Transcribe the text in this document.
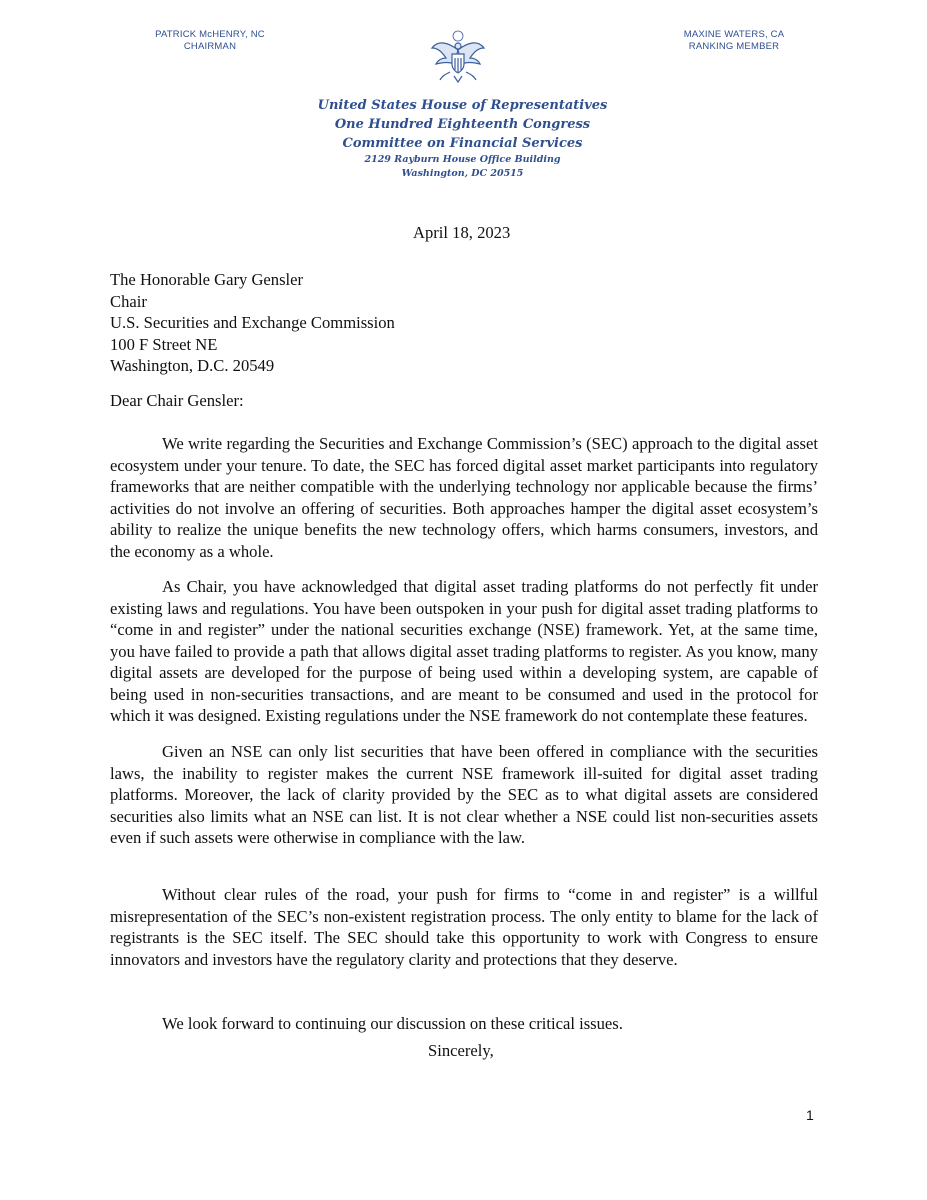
PATRICK McHENRY, NC
CHAIRMAN
MAXINE WATERS, CA
RANKING MEMBER
United States House of Representatives
One Hundred Eighteenth Congress
Committee on Financial Services
2129 Rayburn House Office Building
Washington, DC 20515
April 18, 2023
The Honorable Gary Gensler
Chair
U.S. Securities and Exchange Commission
100 F Street NE
Washington, D.C. 20549
Dear Chair Gensler:

We write regarding the Securities and Exchange Commission’s (SEC) approach to the digital asset ecosystem under your tenure. To date, the SEC has forced digital asset market participants into regulatory frameworks that are neither compatible with the underlying technology nor applicable because the firms’ activities do not involve an offering of securities. Both approaches hamper the digital asset ecosystem’s ability to realize the unique benefits the new technology offers, which harms consumers, investors, and the economy as a whole.

As Chair, you have acknowledged that digital asset trading platforms do not perfectly fit under existing laws and regulations. You have been outspoken in your push for digital asset trading platforms to “come in and register” under the national securities exchange (NSE) framework. Yet, at the same time, you have failed to provide a path that allows digital asset trading platforms to register. As you know, many digital assets are developed for the purpose of being used within a developing system, are capable of being used in non-securities transactions, and are meant to be consumed and used in the protocol for which it was designed. Existing regulations under the NSE framework do not contemplate these features.

Given an NSE can only list securities that have been offered in compliance with the securities laws, the inability to register makes the current NSE framework ill-suited for digital asset trading platforms. Moreover, the lack of clarity provided by the SEC as to what digital assets are considered securities also limits what an NSE can list. It is not clear whether a NSE could list non-securities assets even if such assets were otherwise in compliance with the law.

Without clear rules of the road, your push for firms to “come in and register” is a willful misrepresentation of the SEC’s non-existent registration process. The only entity to blame for the lack of registrants is the SEC itself. The SEC should take this opportunity to work with Congress to ensure innovators and investors have the regulatory clarity and protections that they deserve.

We look forward to continuing our discussion on these critical issues.

Sincerely,
1
